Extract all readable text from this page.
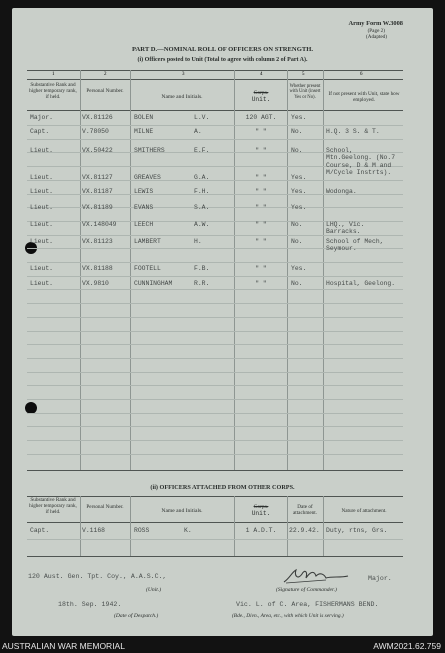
Army Form W.3008
(Page 2)
(Adapted)
PART D.—NOMINAL ROLL OF OFFICERS ON STRENGTH.
(i) Officers posted to Unit (Total to agree with column 2 of Part A).
1	2	3	4	5	6
Substantive Rank and higher temporary rank, if held.
Personal Number.
Name and Initials.
Corps.
Unit.
Whether present with Unit (insert Yes or No).
If not present with Unit, state how employed.
Major.	VX.81126	BOLEN	L.V.	120 AGT.	Yes.
Capt.	V.78050	MILNE	A.	" "	No.	H.Q. 3 S. & T.
Lieut.	VX.50422	SMITHERS	E.F.	" "	No.	School, Mtn.Geelong. (No.7 Course, D & M and M/Cycle Instrts).
Lieut.	VX.81127	GREAVES	G.A.	" "	Yes.
Lieut.	VX.81187	LEWIS	F.H.	" "	Yes.	Wodonga.
Lieut.	VX.81189	EVANS	S.A.	" "	Yes.
Lieut.	VX.148049	LEECH	A.W.	" "	No.	LHQ., Vic. Barracks.
Lieut.	VX.81123	LAMBERT	H.	" "	No.	School of Mech, Seymour.
Lieut.	VX.81188	FOOTELL	F.B.	" "	Yes.
Lieut.	VX.9810	CUNNINGHAM	R.R.	" "	No.	Hospital, Geelong.
(ii) OFFICERS ATTACHED FROM OTHER CORPS.
Substantive Rank and higher temporary rank, if held.
Personal Number.
Name and Initials.
Corps.
Unit.
Date of attachment.	Nature of attachment.
Capt.	V.1168	ROSS	K.	1 A.D.T.	22.9.42. Duty, rtns, Grs.
120 Aust. Gen. Tpt. Coy., A.A.S.C.,
(Unit.)
Major.
(Signature of Commander.)
18th. Sep. 1942.
(Date of Despatch.)
Vic. L. of C. Area, FISHERMANS BEND.
(Bde., Divn., Area, etc., with which Unit is serving.)
AUSTRALIAN WAR MEMORIAL	AWM2021.62.759
